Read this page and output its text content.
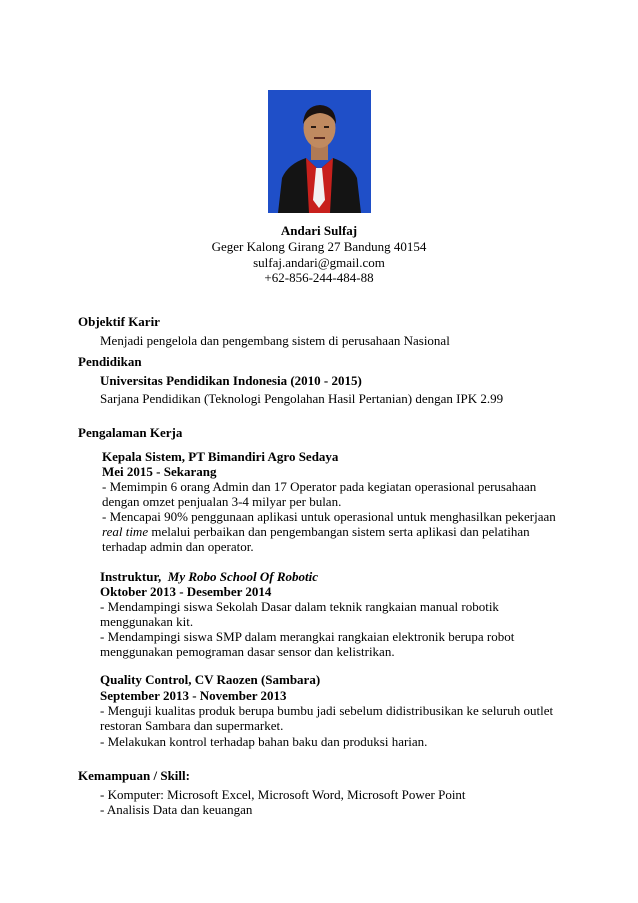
Andari Sulfaj
Geger Kalong Girang 27 Bandung 40154
sulfaj.andari@gmail.com
+62-856-244-484-88
Objektif Karir
Menjadi pengelola dan pengembang sistem di perusahaan Nasional
Pendidikan
Universitas Pendidikan Indonesia (2010 - 2015)
Sarjana Pendidikan (Teknologi Pengolahan Hasil Pertanian) dengan IPK 2.99
Pengalaman Kerja
Kepala Sistem, PT Bimandiri Agro Sedaya
Mei 2015 - Sekarang
- Memimpin 6 orang Admin dan 17 Operator pada kegiatan operasional perusahaan
dengan omzet penjualan 3-4 milyar per bulan.
- Mencapai 90% penggunaan aplikasi untuk operasional untuk menghasilkan pekerjaan
real time melalui perbaikan dan pengembangan sistem serta aplikasi dan pelatihan
terhadap admin dan operator.
Instruktur, My Robo School Of Robotic
Oktober 2013 - Desember 2014
- Mendampingi siswa Sekolah Dasar dalam teknik rangkaian manual robotik
menggunakan kit.
- Mendampingi siswa SMP dalam merangkai rangkaian elektronik berupa robot
menggunakan pemograman dasar sensor dan kelistrikan.
Quality Control, CV Raozen (Sambara)
September 2013 - November 2013
- Menguji kualitas produk berupa bumbu jadi sebelum didistribusikan ke seluruh outlet
restoran Sambara dan supermarket.
- Melakukan kontrol terhadap bahan baku dan produksi harian.
Kemampuan / Skill:
- Komputer: Microsoft Excel, Microsoft Word, Microsoft Power Point
- Analisis Data dan keuangan
